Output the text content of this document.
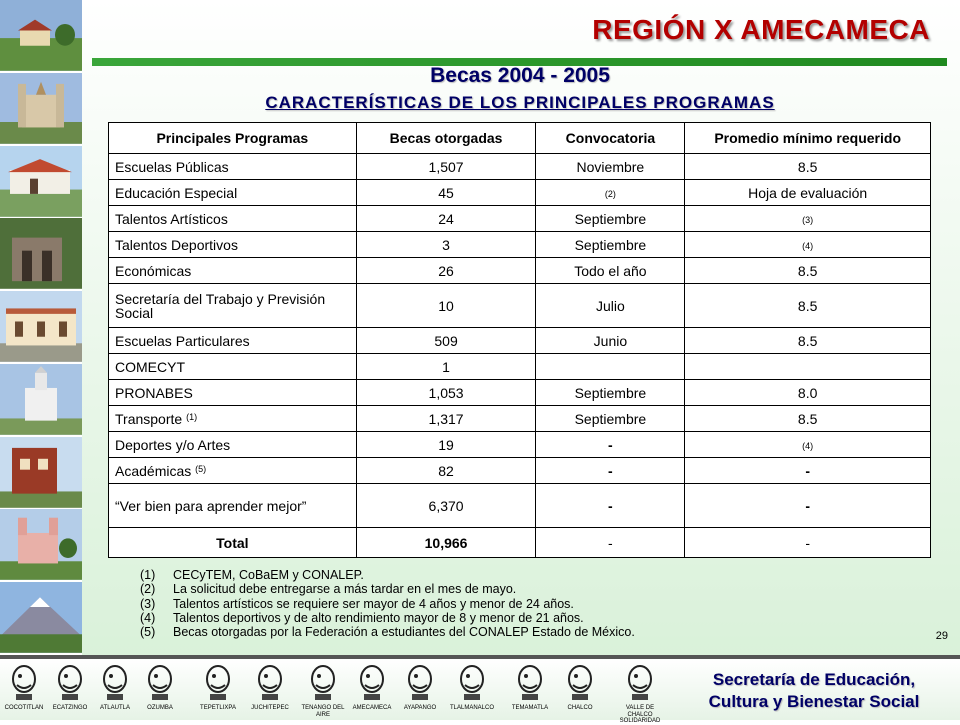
REGIÓN X AMECAMECA
Becas 2004 - 2005
CARACTERÍSTICAS DE LOS PRINCIPALES PROGRAMAS
Principales Programas	Becas otorgadas	Convocatoria	Promedio mínimo requerido
Escuelas Públicas	1,507	Noviembre	8.5
Educación Especial	45	(2)	Hoja de evaluación
Talentos Artísticos	24	Septiembre	(3)
Talentos Deportivos	3	Septiembre	(4)
Económicas	26	Todo el año	8.5
Secretaría del Trabajo y Previsión Social	10	Julio	8.5
Escuelas Particulares	509	Junio	8.5
COMECYT	1		
PRONABES	1,053	Septiembre	8.0
Transporte $^{(1)}$	1,317	Septiembre	8.5
Deportes y/o Artes	19	-	(4)
Académicas $^{(5)}$	82	-	-
“Ver bien para aprender mejor”	6,370	-	-
Total	10,966	-	-
(1)	CECyTEM, CoBaEM y CONALEP.
(2)	La solicitud debe entregarse a más tardar en el mes de mayo.
(3)	Talentos artísticos se requiere ser mayor de 4 años y menor de 24 años.
(4)	Talentos deportivos y de alto rendimiento mayor de 8 y menor de 21 años.
(5)	Becas otorgadas por la Federación a estudiantes del CONALEP Estado de México.	29
COCOTITLAN	ECATZINGO	ATLAUTLA	OZUMBA	TEPETLIXPA	JUCHITEPEC	TENANGO DEL AIRE
AMECAMECA	AYAPANGO	TLALMANALCO	TEMAMATLA	CHALCO	VALLE DE CHALCO SOLIDARIDAD
Secretaría de Educación,
Cultura y Bienestar Social
